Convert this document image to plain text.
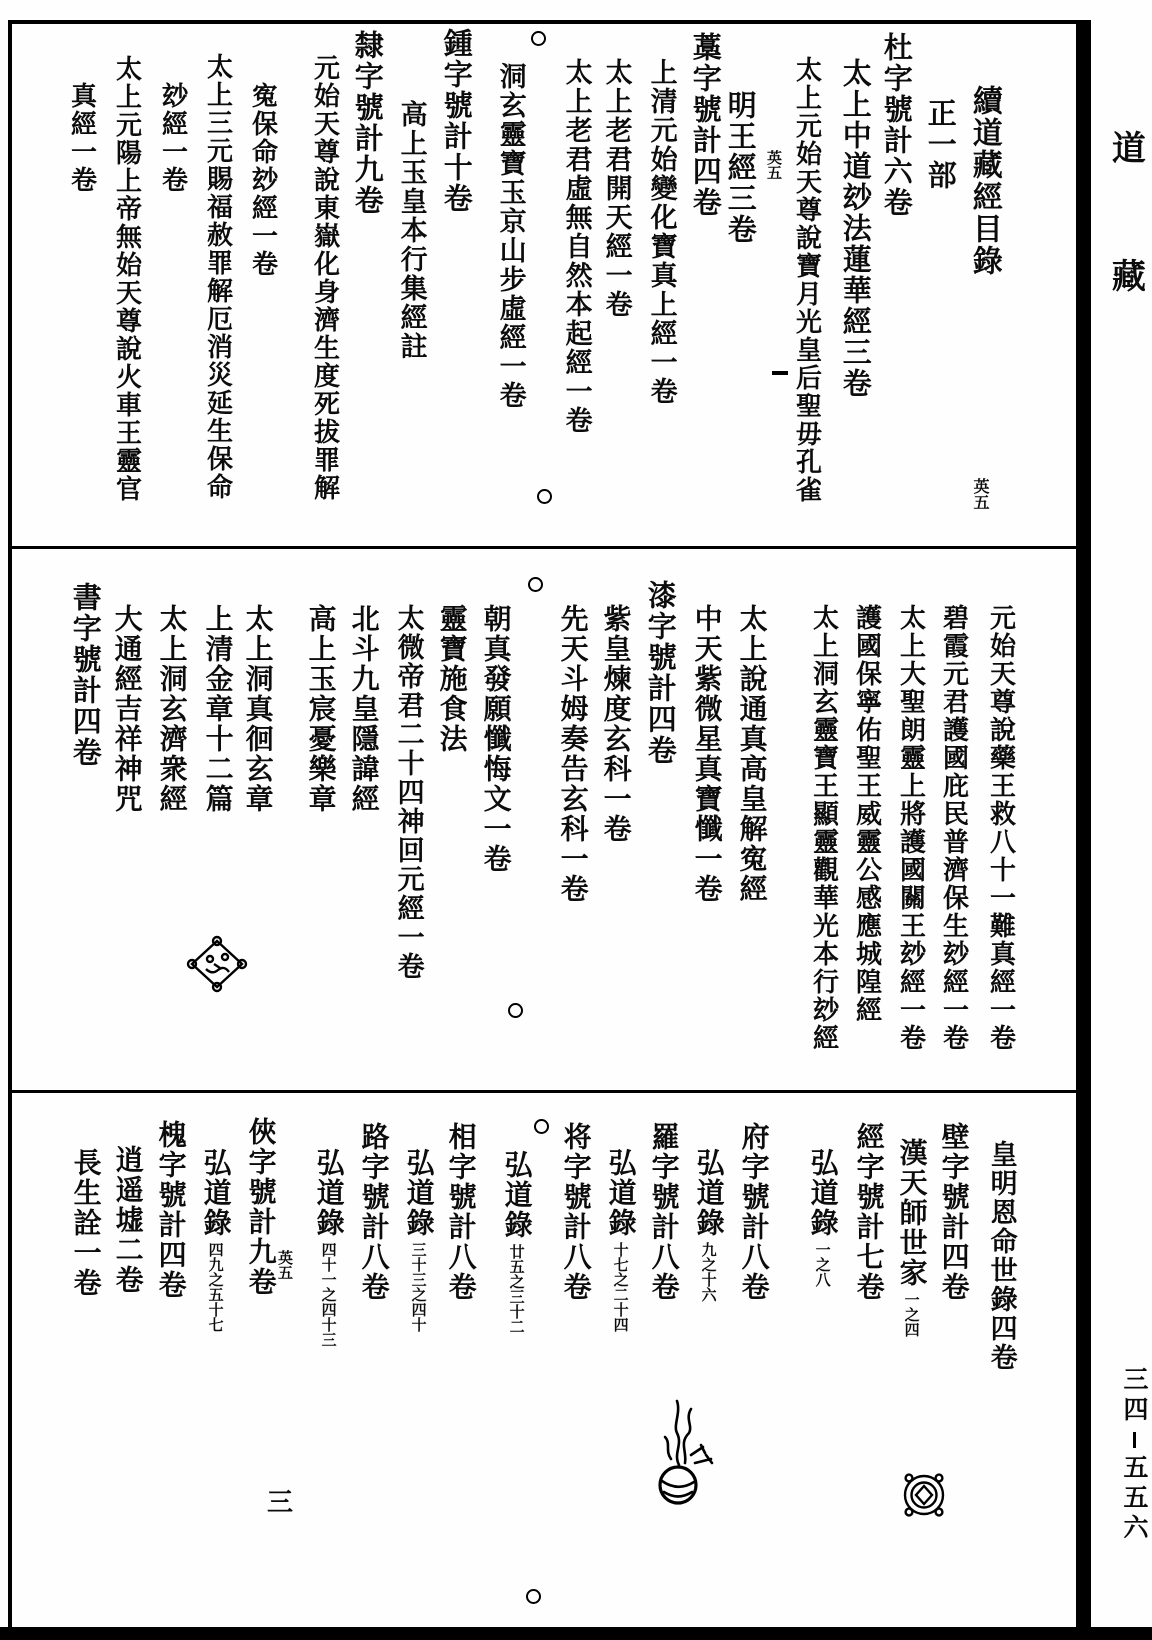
道
藏
三四
五五六
三
續道藏經目錄
正一部
杜字號計六卷
太上中道玅法蓮華經三卷
太上元始天尊說寶月光皇后聖毋孔雀
英五
明王經三卷
藁字號計四卷
上清元始變化寶真上經一卷
太上老君開天經一卷
太上老君虛無自然本起經一卷
洞玄靈寶玉京山步虛經一卷
鍾字號計十卷
高上玉皇本行集經註
隸字號計九卷
元始天尊說東嶽化身濟生度死拔罪解
寃保命玅經一卷
太上三元賜福赦罪解厄消災延生保命
玅經一卷
太上元陽上帝無始天尊說火車王靈官
真經一卷
英五
元始天尊說藥王救八十一難真經一卷
碧霞元君護國庇民普濟保生玅經一卷
太上大聖朗靈上將護國關王玅經一卷
護國保寧佑聖王威靈公感應城隍經
太上洞玄靈寶王顯靈觀華光本行玅經
太上說通真高皇解寃經
中天紫微星真寶懺一卷
漆字號計四卷
紫皇煉度玄科一卷
先天斗姆奏告玄科一卷
朝真發願懺悔文一卷
靈寶施食法
太微帝君二十四神回元經一卷
北斗九皇隱諱經
高上玉宸憂樂章
太上洞真徊玄章
上清金章十二篇
太上洞玄濟衆經
大通經吉祥神咒
書字號計四卷
皇明恩命世錄四卷
壁字號計四卷
漢天師世家一之四
經字號計七卷
弘道錄一之八
府字號計八卷
弘道錄九之十六
羅字號計八卷
弘道錄十七之二十四
将字號計八卷
弘道錄廿五之三十二
相字號計八卷
弘道錄三十三之四十
路字號計八卷
弘道錄四十一之四十三
俠字號計九卷
英五
弘道錄四九之五十七
槐字號計四卷
逍遥墟二卷
長生詮一卷
